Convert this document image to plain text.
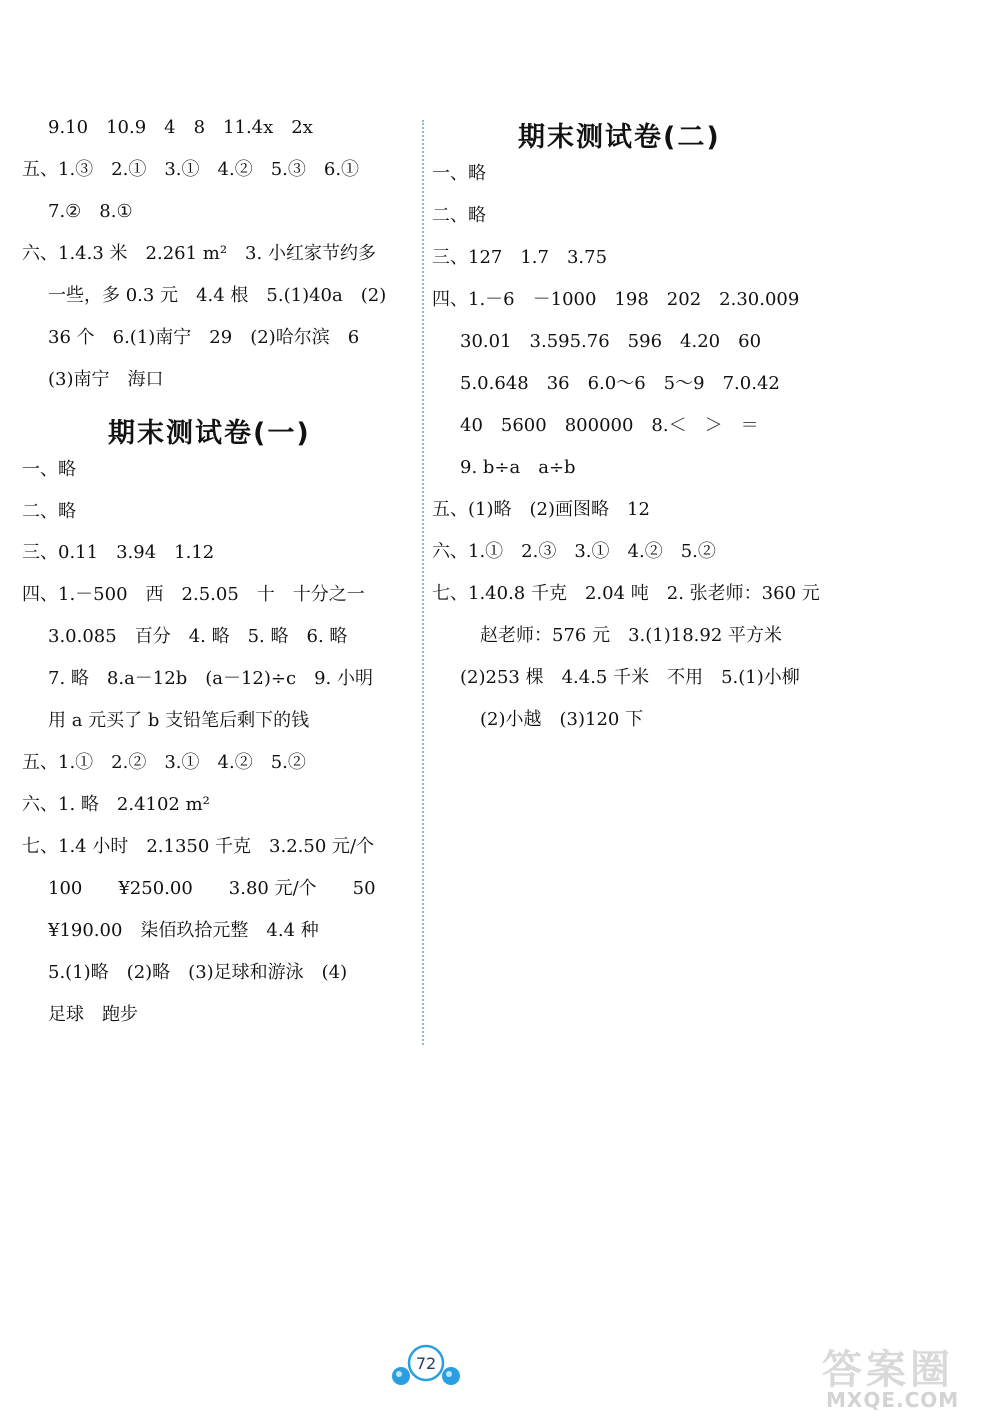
9.10　10.9　4　8　11.4x　2x
五、1.③　2.①　3.①　4.②　5.③　6.①
7.②　8.①
六、1.4.3 米　2.261 m²　3. 小红家节约多
一些，多 0.3 元　4.4 根　5.(1)40a　(2)
36 个　6.(1)南宁　29　(2)哈尔滨　6
(3)南宁　海口
期末测试卷(一)
一、略
二、略
三、0.11　3.94　1.12
四、1.－500　西　2.5.05　十　十分之一
3.0.085　百分　4. 略　5. 略　6. 略
7. 略　8.a－12b　(a－12)÷c　9. 小明
用 a 元买了 b 支铅笔后剩下的钱
五、1.①　2.②　3.①　4.②　5.②
六、1. 略　2.4102 m²
七、1.4 小时　2.1350 千克　3.2.50 元/个
100　　¥250.00　　3.80 元/个　　50
¥190.00　柒佰玖拾元整　4.4 种
5.(1)略　(2)略　(3)足球和游泳　(4)
足球　跑步
期末测试卷(二)
一、略
二、略
三、127　1.7　3.75
四、1.－6　－1000　198　202　2.30.009
30.01　3.595.76　596　4.20　60
5.0.648　36　6.0～6　5～9　7.0.42
40　5600　800000　8.＜　＞　＝
9. b÷a　a÷b
五、(1)略　(2)画图略　12
六、1.①　2.③　3.①　4.②　5.②
七、1.40.8 千克　2.04 吨　2. 张老师：360 元
赵老师：576 元　3.(1)18.92 平方米
(2)253 棵　4.4.5 千米　不用　5.(1)小柳
(2)小越　(3)120 下
72	答案圈
MXQE.COM
